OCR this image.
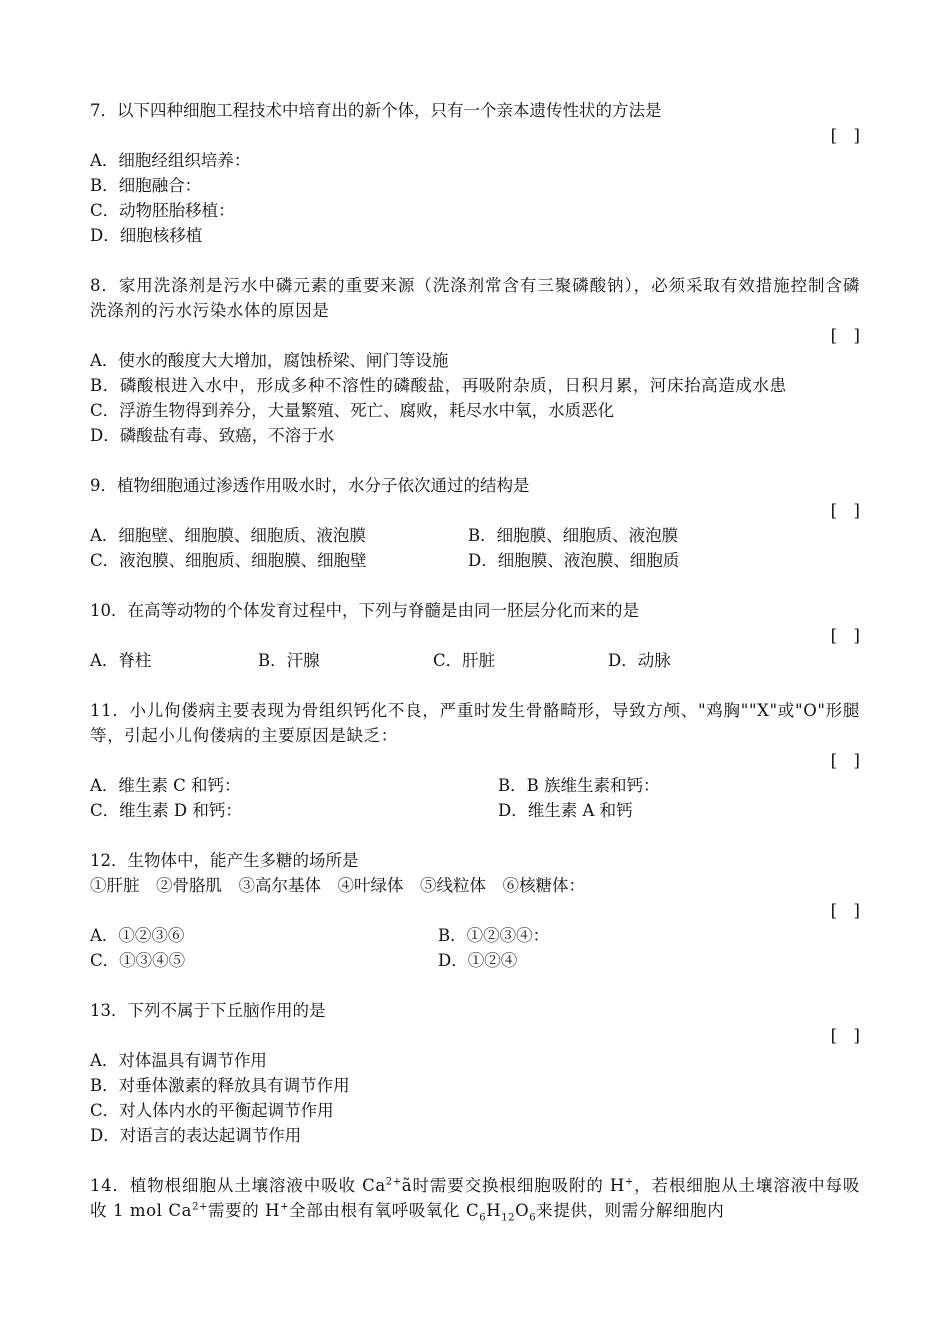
7．以下四种细胞工程技术中培育出的新个体，只有一个亲本遗传性状的方法是
[　]
A．细胞经组织培养：
B．细胞融合：
C．动物胚胎移植：
D．细胞核移植
8．家用洗涤剂是污水中磷元素的重要来源（洗涤剂常含有三聚磷酸钠），必须采取有效措施控制含磷洗涤剂的污水污染水体的原因是
[　]
A．使水的酸度大大增加，腐蚀桥梁、闸门等设施
B．磷酸根进入水中，形成多种不溶性的磷酸盐，再吸附杂质，日积月累，河床抬高造成水患
C．浮游生物得到养分，大量繁殖、死亡、腐败，耗尽水中氧，水质恶化
D．磷酸盐有毒、致癌，不溶于水
9．植物细胞通过渗透作用吸水时，水分子依次通过的结构是
[　]
A．细胞壁、细胞膜、细胞质、液泡膜	B．细胞膜、细胞质、液泡膜
C．液泡膜、细胞质、细胞膜、细胞壁	D．细胞膜、液泡膜、细胞质
10．在高等动物的个体发育过程中，下列与脊髓是由同一胚层分化而来的是
[　]
A．脊柱	B．汗腺	C．肝脏	D．动脉
11．小儿佝偻病主要表现为骨组织钙化不良，严重时发生骨骼畸形，导致方颅、"鸡胸""X"或"O"形腿等，引起小儿佝偻病的主要原因是缺乏：
[　]
A．维生素 C 和钙：	B．B 族维生素和钙：
C．维生素 D 和钙：	D．维生素 A 和钙
12．生物体中，能产生多糖的场所是
①肝脏　②骨胳肌　③高尔基体　④叶绿体　⑤线粒体　⑥核糖体：
[　]
A．①②③⑥	B．①②③④：
C．①③④⑤	D．①②④
13．下列不属于下丘脑作用的是
[　]
A．对体温具有调节作用
B．对垂体激素的释放具有调节作用
C．对人体内水的平衡起调节作用
D．对语言的表达起调节作用
14．植物根细胞从土壤溶液中吸收 $Ca^{2+}ã$时需要交换根细胞吸附的 H+，若根细胞从土壤溶液中每吸收 1 mol $Ca^{2+}$需要的 H+全部由根有氧呼吸氧化 $C_6H_{12}O_6$来提供，则需分解细胞内
